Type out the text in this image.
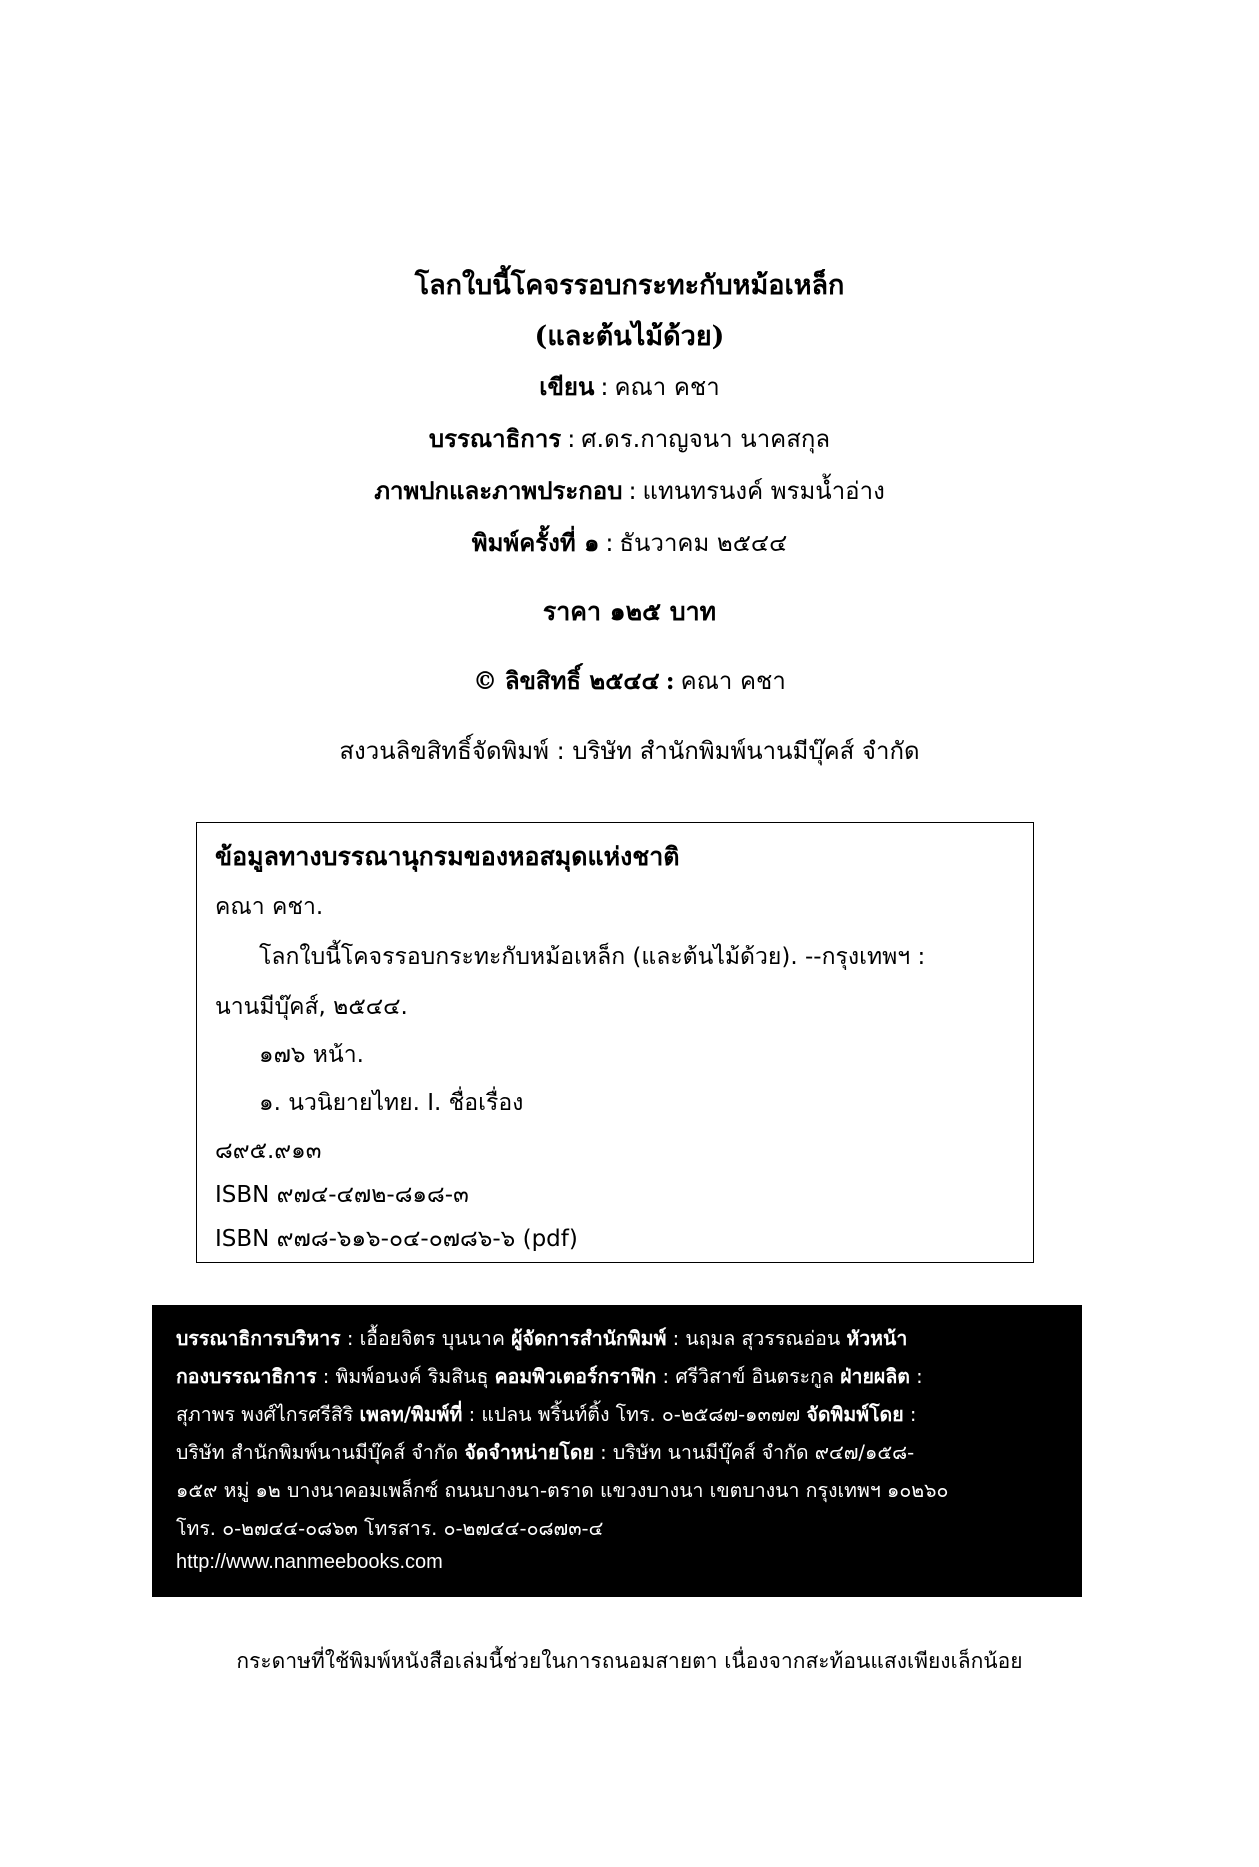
โลกใบนี้โคจรรอบกระทะกับหม้อเหล็ก
(และต้นไม้ด้วย)
เขียน : คณา คชา
บรรณาธิการ : ศ.ดร.กาญจนา นาคสกุล
ภาพปกและภาพประกอบ : แทนทรนงค์ พรมน้ำอ่าง
พิมพ์ครั้งที่ ๑ : ธันวาคม ๒๕๔๔
ราคา ๑๒๕ บาท
© ลิขสิทธิ์ ๒๕๔๔ : คณา คชา
สงวนลิขสิทธิ์จัดพิมพ์ : บริษัท สำนักพิมพ์นานมีบุ๊คส์ จำกัด
ข้อมูลทางบรรณานุกรมของหอสมุดแห่งชาติ
คณา คชา.
โลกใบนี้โคจรรอบกระทะกับหม้อเหล็ก (และต้นไม้ด้วย). --กรุงเทพฯ :
นานมีบุ๊คส์, ๒๕๔๔.
๑๗๖ หน้า.
๑. นวนิยายไทย. I. ชื่อเรื่อง
๘๙๕.๙๑๓
ISBN ๙๗๔-๔๗๒-๘๑๘-๓
ISBN ๙๗๘-๖๑๖-๐๔-๐๗๘๖-๖ (pdf)
บรรณาธิการบริหาร : เอื้อยจิตร บุนนาค ผู้จัดการสำนักพิมพ์ : นฤมล สุวรรณอ่อน หัวหน้า
กองบรรณาธิการ : พิมพ์อนงค์ ริมสินธุ คอมพิวเตอร์กราฟิก : ศรีวิสาข์ อินตระกูล ฝ่ายผลิต :
สุภาพร พงศ์ไกรศรีสิริ เพลท/พิมพ์ที่ : แปลน พริ้นท์ติ้ง โทร. ๐-๒๕๘๗-๑๓๗๗ จัดพิมพ์โดย :
บริษัท สำนักพิมพ์นานมีบุ๊คส์ จำกัด จัดจำหน่ายโดย : บริษัท นานมีบุ๊คส์ จำกัด ๙๔๗/๑๕๘-
๑๕๙ หมู่ ๑๒ บางนาคอมเพล็กซ์ ถนนบางนา-ตราด แขวงบางนา เขตบางนา กรุงเทพฯ ๑๐๒๖๐
โทร. ๐-๒๗๔๔-๐๘๖๓ โทรสาร. ๐-๒๗๔๔-๐๘๗๓-๔
http://www.nanmeebooks.com
กระดาษที่ใช้พิมพ์หนังสือเล่มนี้ช่วยในการถนอมสายตา เนื่องจากสะท้อนแสงเพียงเล็กน้อย
